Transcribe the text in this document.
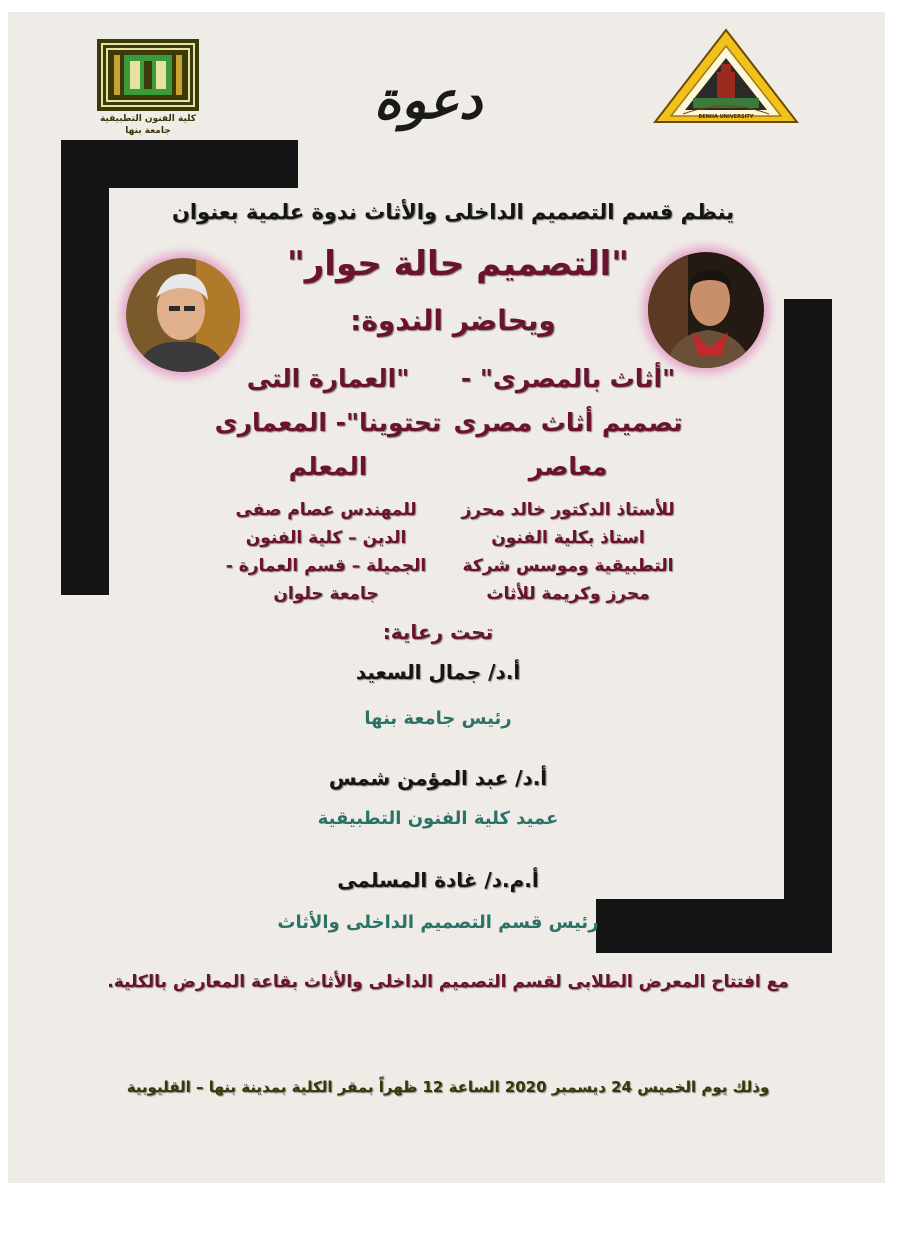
كلية الفنون التطبيقية
جامعة بنها
BENHA UNIVERSITY
دعوة
ينظم قسم التصميم الداخلى والأثاث ندوة علمية بعنوان
"التصميم حالة حوار"
ويحاضر الندوة:
"أثاث بالمصرى" -
تصميم أثاث مصرى
معاصر
"العمارة التى
تحتوينا"- المعمارى
المعلم
للأستاذ الدكتور خالد محرز
استاذ بكلية الفنون
التطبيقية وموسس شركة
محرز وكريمة للأثاث
للمهندس عصام صفى
الدين – كلية الفنون
الجميلة – قسم العمارة -
جامعة حلوان
تحت رعاية:
أ.د/ جمال السعيد
رئيس جامعة بنها
أ.د/ عبد المؤمن شمس
عميد كلية الفنون التطبيقية
أ.م.د/ غادة المسلمى
رئيس قسم التصميم الداخلى والأثاث
مع افتتاح المعرض الطلابى لقسم التصميم الداخلى والأثاث بقاعة المعارض بالكلية.
وذلك يوم الخميس 24 ديسمبر 2020 الساعة 12 ظهراً بمقر الكلية بمدينة بنها – القليوبية
